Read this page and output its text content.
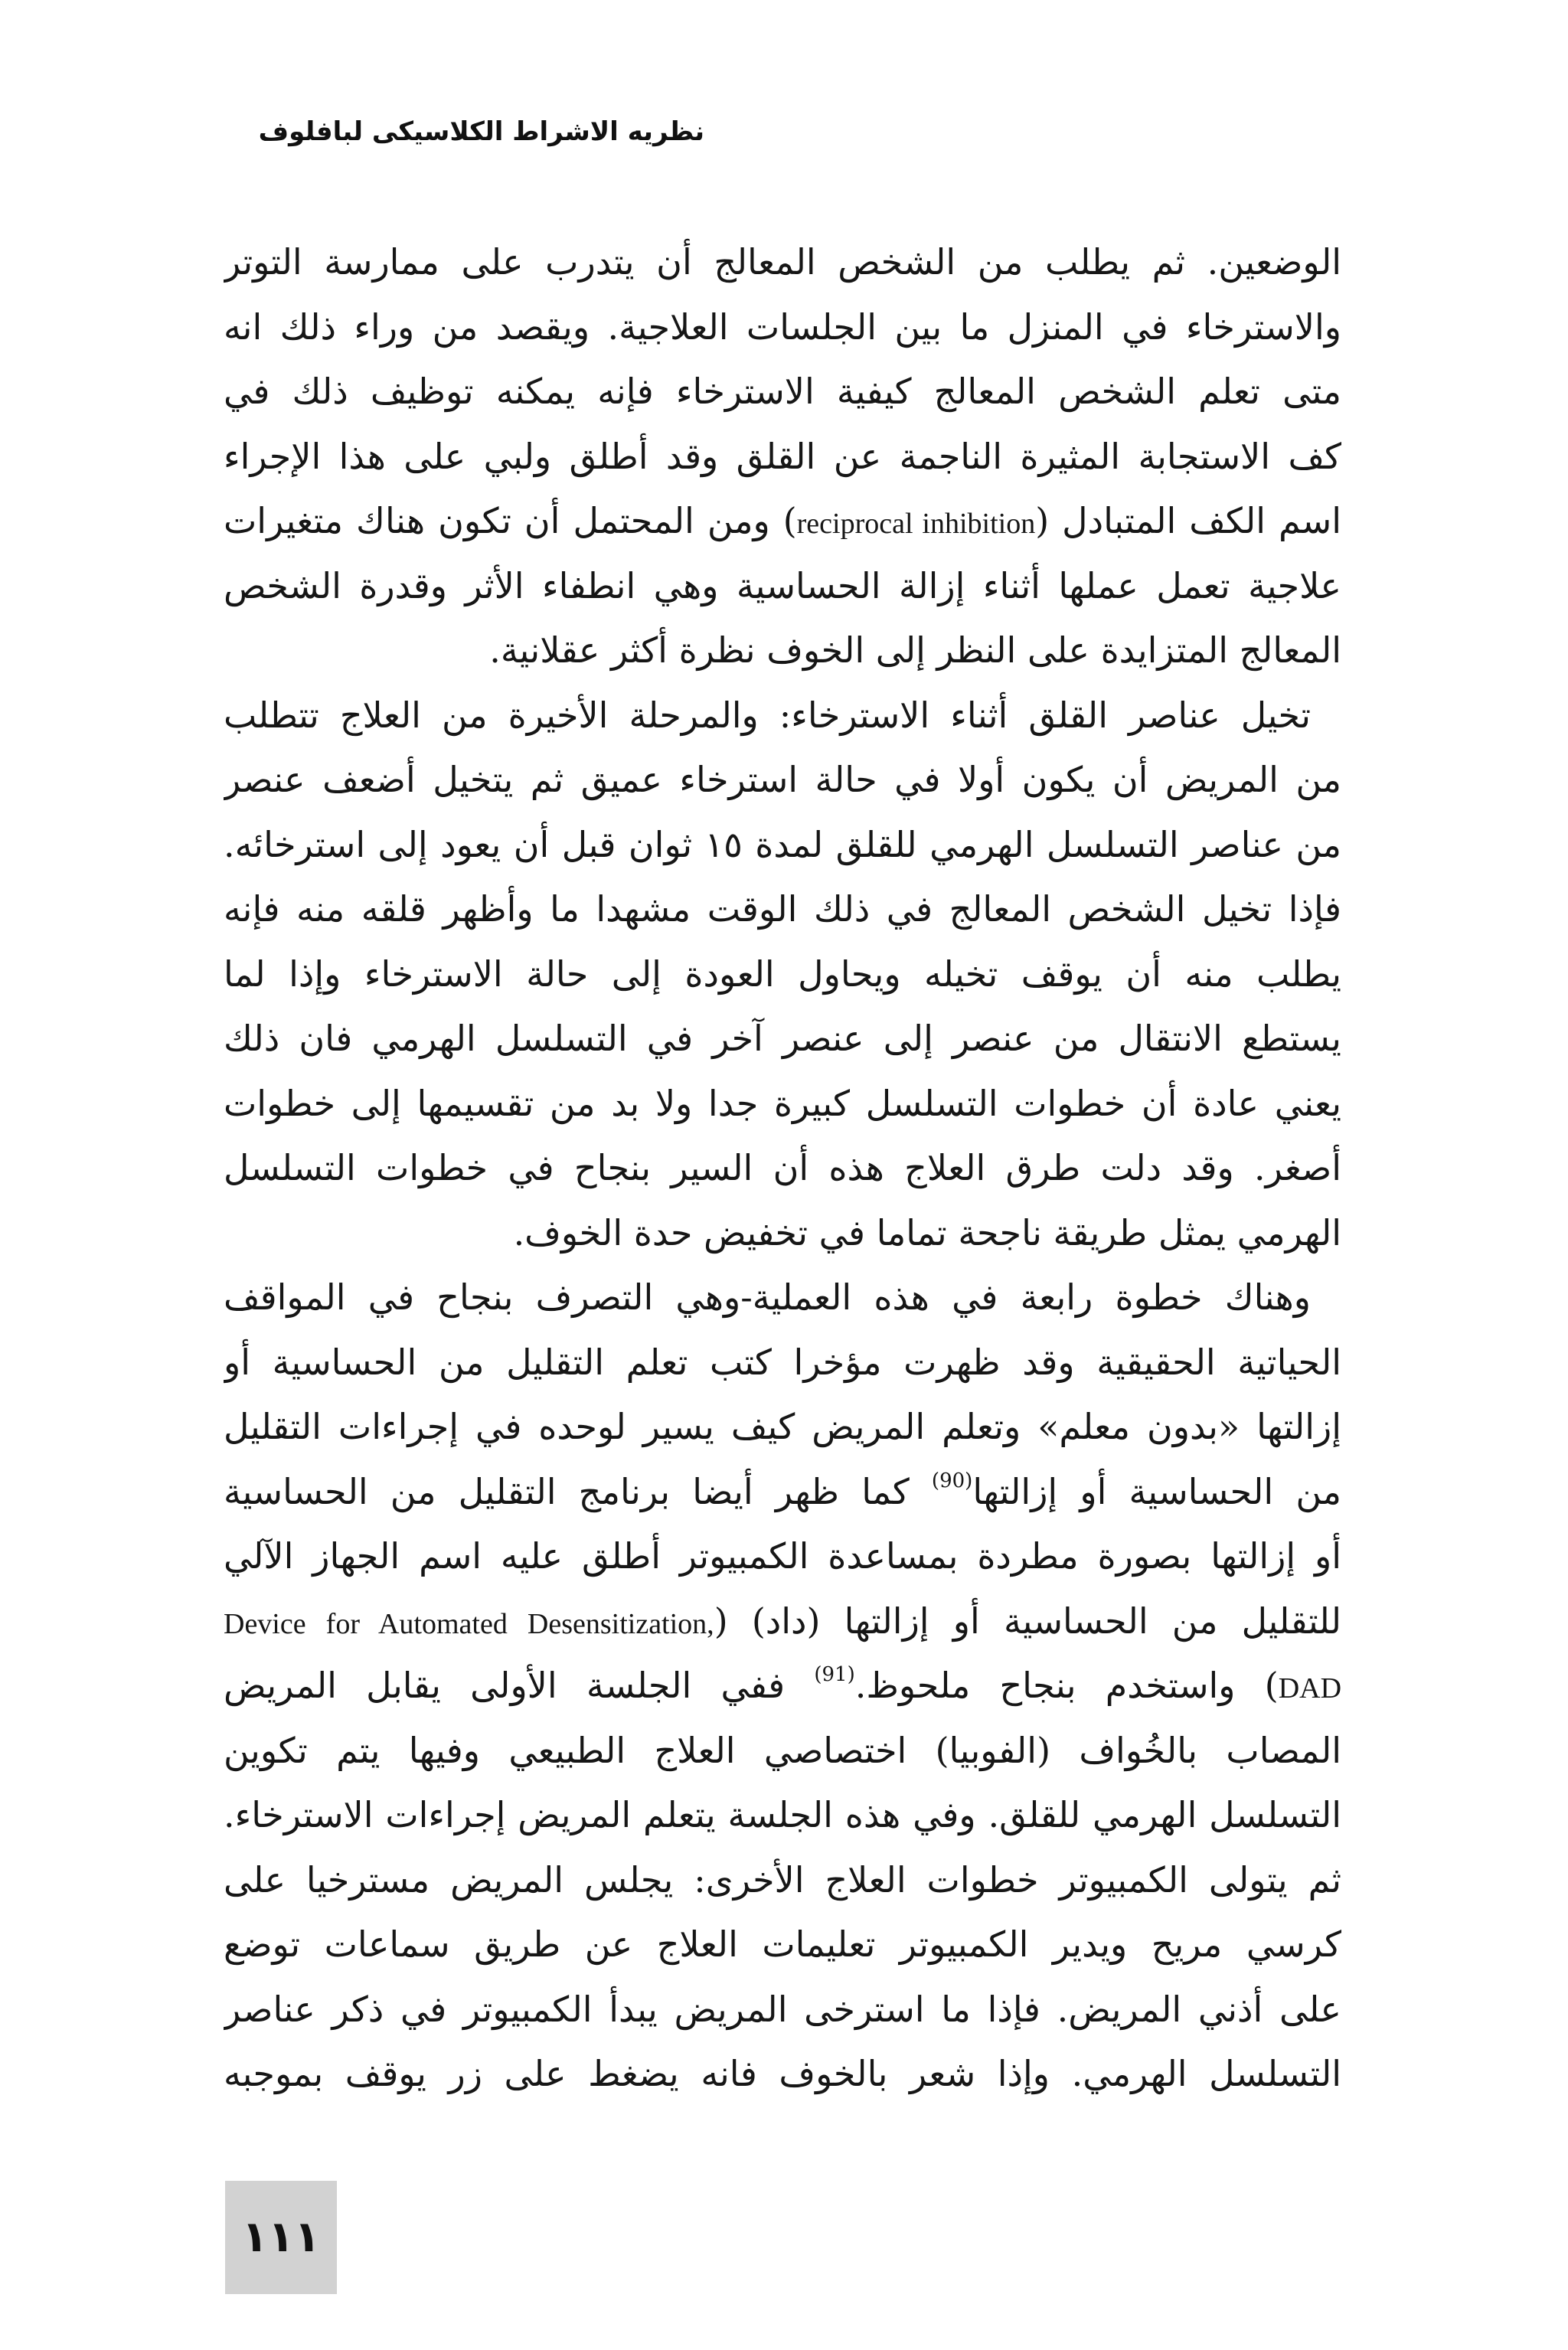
نظريه الاشراط الكلاسيكى لبافلوف
الوضعين. ثم يطلب من الشخص المعالج أن يتدرب على ممارسة التوتر
والاسترخاء في المنزل ما بين الجلسات العلاجية. ويقصد من وراء ذلك انه
متى تعلم الشخص المعالج كيفية الاسترخاء فإنه يمكنه توظيف ذلك في
كف الاستجابة المثيرة الناجمة عن القلق وقد أطلق ولبي على هذا الإجراء
اسم الكف المتبادل (reciprocal inhibition) ومن المحتمل أن تكون هناك متغيرات
علاجية تعمل عملها أثناء إزالة الحساسية وهي انطفاء الأثر وقدرة الشخص
المعالج المتزايدة على النظر إلى الخوف نظرة أكثر عقلانية.
تخيل عناصر القلق أثناء الاسترخاء: والمرحلة الأخيرة من العلاج تتطلب
من المريض أن يكون أولا في حالة استرخاء عميق ثم يتخيل أضعف عنصر
من عناصر التسلسل الهرمي للقلق لمدة ١٥ ثوان قبل أن يعود إلى استرخائه.
فإذا تخيل الشخص المعالج في ذلك الوقت مشهدا ما وأظهر قلقه منه فإنه
يطلب منه أن يوقف تخيله ويحاول العودة إلى حالة الاسترخاء وإذا لما
يستطع الانتقال من عنصر إلى عنصر آخر في التسلسل الهرمي فان ذلك
يعني عادة أن خطوات التسلسل كبيرة جدا ولا بد من تقسيمها إلى خطوات
أصغر. وقد دلت طرق العلاج هذه أن السير بنجاح في خطوات التسلسل
الهرمي يمثل طريقة ناجحة تماما في تخفيض حدة الخوف.
وهناك خطوة رابعة في هذه العملية-وهي التصرف بنجاح في المواقف
الحياتية الحقيقية وقد ظهرت مؤخرا كتب تعلم التقليل من الحساسية أو
إزالتها «بدون معلم» وتعلم المريض كيف يسير لوحده في إجراءات التقليل
من الحساسية أو إزالتها$^{(90)}$ كما ظهر أيضا برنامج التقليل من الحساسية
أو إزالتها بصورة مطردة بمساعدة الكمبيوتر أطلق عليه اسم الجهاز الآلي
للتقليل من الحساسية أو إزالتها (داد) (Device for Automated Desensitization,
DAD) واستخدم بنجاح ملحوظ.$^{(91)}$ ففي الجلسة الأولى يقابل المريض
المصاب بالخُواف (الفوبيا) اختصاصي العلاج الطبيعي وفيها يتم تكوين
التسلسل الهرمي للقلق. وفي هذه الجلسة يتعلم المريض إجراءات الاسترخاء.
ثم يتولى الكمبيوتر خطوات العلاج الأخرى: يجلس المريض مسترخيا على
كرسي مريح ويدير الكمبيوتر تعليمات العلاج عن طريق سماعات توضع
على أذني المريض. فإذا ما استرخى المريض يبدأ الكمبيوتر في ذكر عناصر
التسلسل الهرمي. وإذا شعر بالخوف فانه يضغط على زر يوقف بموجبه
١١١
